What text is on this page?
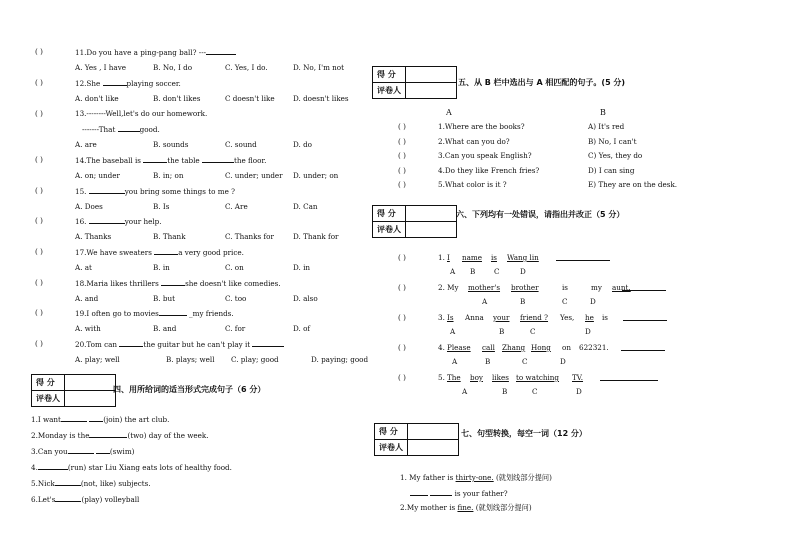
( )	11.Do you have a ping-pang ball? ---
A. Yes , I have	B. No, I do	C. Yes, I do.	D. No, I'm not
( )	12.She	playing soccer.
A. don't like	B. don't likes	C doesn't like	D. doesn't likes
( )	13.--------Well,let's do our homework.
-------That	good.
A. are	B. sounds	C. sound	D. do
( )	14.The baseball is	the table	the floor.
A. on; under	B. in; on	C. under; under D. under; on
( )	15.	you bring some things to me ?
A. Does	B. Is	C. Are	D. Can
( )	16.	your help.
A. Thanks	B. Thank	C. Thanks for	D. Thank for
( )	17.We have sweaters	a very good price.
A. at	B. in	C. on	D. in
( )	18.Maria likes thrillers	she doesn't like comedies.
A. and	B. but	C. too	D. also
( )	19.I often go to movies	_my friends.
A. with	B. and	C. for	D. of
( )	20.Tom can	the guitar but he can't play it
A. play; well	B. plays; well C. play; good	D. paying; good
得 分	
评卷人	
四、用所给词的适当形式完成句子（6 分）
1.I want	(join) the art club.
2.Monday is the	(two) day of the week.
3.Can you	(swim)
4.	(run) star Liu Xiang eats lots of healthy food.
5.Nick	(not, like) subjects.
6.Let's	(play) volleyball
得 分	
评卷人	
五、从 B 栏中选出与 A 相匹配的句子。(5 分)
A	B
( )	1.Where are the books?	A) It's red
( )	2.What can you do?	B) No, I can't
( )	3.Can you speak English?	C) Yes, they do
( )	4.Do they like French fries?	D) I can sing
( )	5.What color is it ?	E) They are on the desk.
得 分	
评卷人	
六、下列均有一处错误，请指出并改正（5 分）
( )	1. I name is Wang lin
A B	C	D
( )	2. My mother's brother	is	my aunt.
A	B	C	D
( )	3. Is Anna your friend ? Yes, he is
A	B	C	D
( )	4. Please call Zhang Hong on 622321.
A	B	C	D
( )	5. The boy likes to watching TV.
A	B	C	D
得 分	
评卷人	
七、句型转换，每空一词（12 分）
1. My father is thirty-one. (就划线部分提问)
is your father?
2.My mother is fine. (就划线部分提问)
